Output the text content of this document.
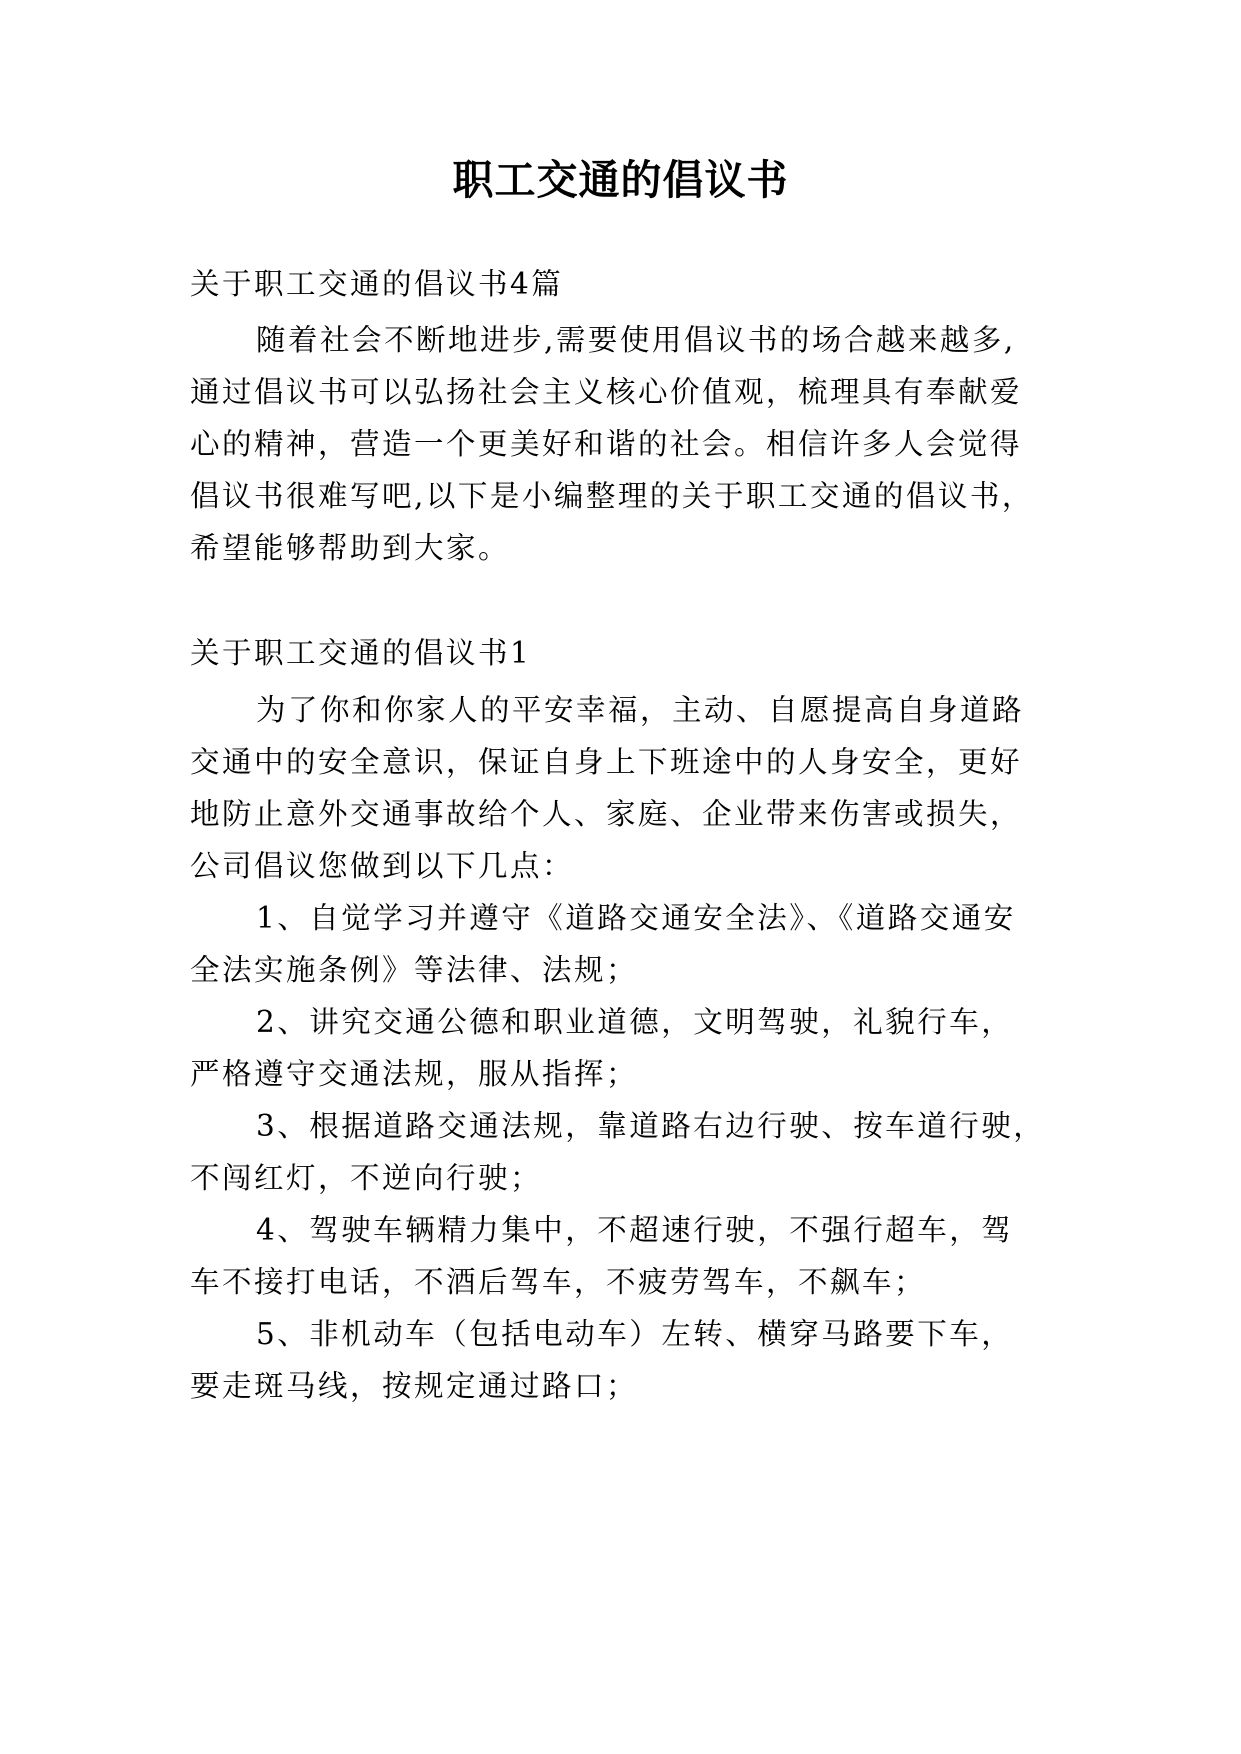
职工交通的倡议书
关于职工交通的倡议书4篇
随着社会不断地进步,需要使用倡议书的场合越来越多,
通过倡议书可以弘扬社会主义核心价值观，梳理具有奉献爱
心的精神，营造一个更美好和谐的社会。相信许多人会觉得
倡议书很难写吧,以下是小编整理的关于职工交通的倡议书，
希望能够帮助到大家。
关于职工交通的倡议书1
为了你和你家人的平安幸福，主动、自愿提高自身道路
交通中的安全意识，保证自身上下班途中的人身安全，更好
地防止意外交通事故给个人、家庭、企业带来伤害或损失，
公司倡议您做到以下几点：
1、自觉学习并遵守《道路交通安全法》、《道路交通安
全法实施条例》等法律、法规；
2、讲究交通公德和职业道德，文明驾驶，礼貌行车，
严格遵守交通法规，服从指挥；
3、根据道路交通法规，靠道路右边行驶、按车道行驶，
不闯红灯，不逆向行驶；
4、驾驶车辆精力集中，不超速行驶，不强行超车，驾
车不接打电话，不酒后驾车，不疲劳驾车，不飙车；
5、非机动车（包括电动车）左转、横穿马路要下车，
要走斑马线，按规定通过路口；
